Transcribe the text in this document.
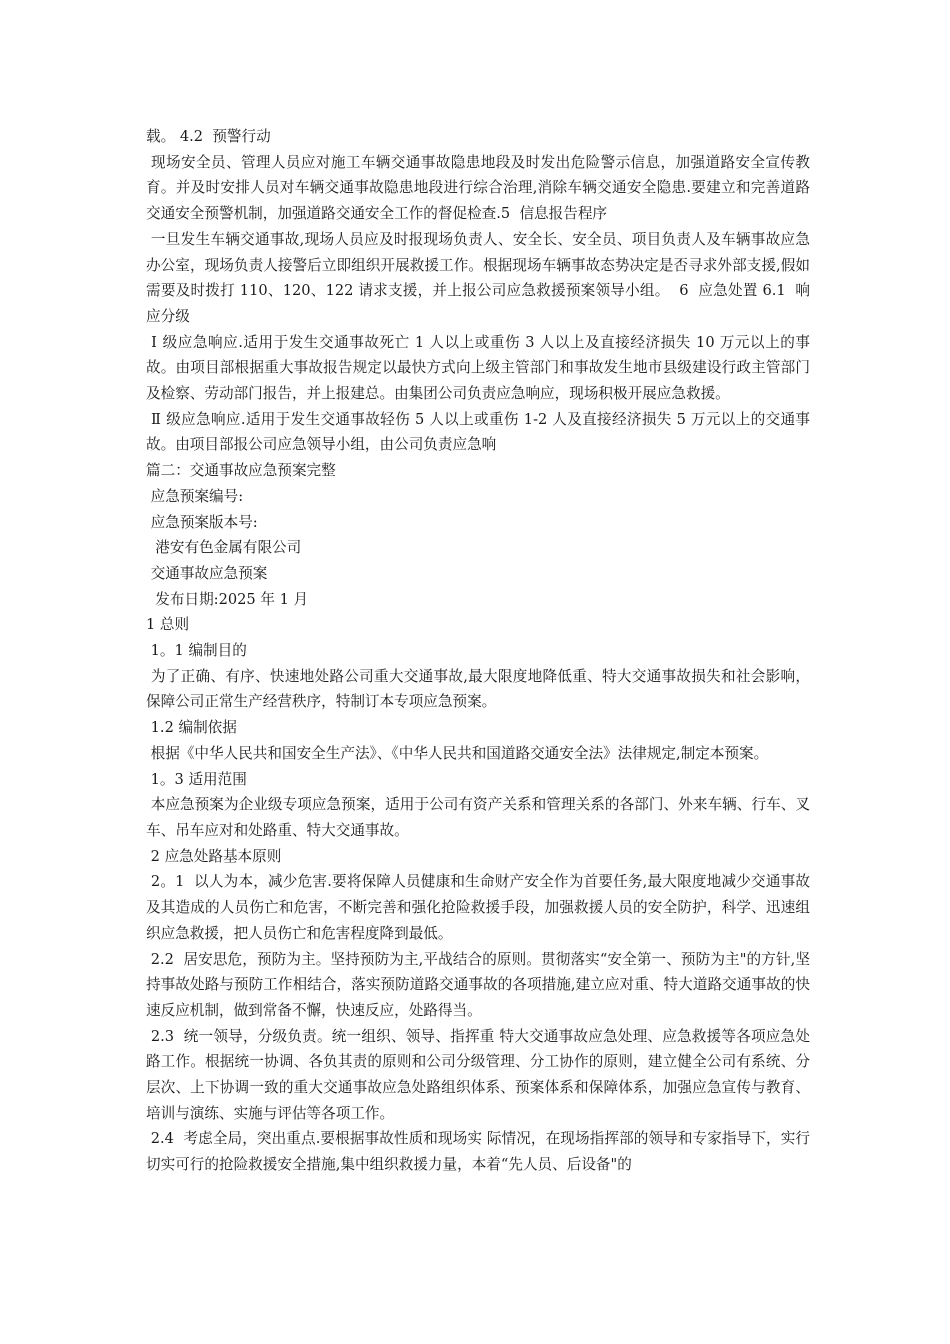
载。 4.2  预警行动

现场安全员、管理人员应对施工车辆交通事故隐患地段及时发出危险警示信息，加强道路安全宣传教育。并及时安排人员对车辆交通事故隐患地段进行综合治理,消除车辆交通安全隐患.要建立和完善道路交通安全预警机制，加强道路交通安全工作的督促检查.5  信息报告程序

一旦发生车辆交通事故,现场人员应及时报现场负责人、安全长、安全员、项目负责人及车辆事故应急办公室，现场负责人接警后立即组织开展救援工作。根据现场车辆事故态势决定是否寻求外部支援,假如需要及时拨打 110、120、122 请求支援，并上报公司应急救援预案领导小组。  6  应急处置 6.1  响应分级

Ⅰ 级应急响应.适用于发生交通事故死亡 1 人以上或重伤 3 人以上及直接经济损失 10 万元以上的事故。由项目部根据重大事故报告规定以最快方式向上级主管部门和事故发生地市县级建设行政主管部门及检察、劳动部门报告，并上报建总。由集团公司负责应急响应，现场积极开展应急救援。

Ⅱ 级应急响应.适用于发生交通事故轻伤 5 人以上或重伤 1-2 人及直接经济损失 5 万元以上的交通事故。由项目部报公司应急领导小组，由公司负责应急响

篇二：交通事故应急预案完整

应急预案编号:

应急预案版本号:

港安有色金属有限公司

交通事故应急预案

发布日期:2025 年 1 月

1 总则

1。1 编制目的

为了正确、有序、快速地处路公司重大交通事故,最大限度地降低重、特大交通事故损失和社会影响，保障公司正常生产经营秩序，特制订本专项应急预案。

1.2 编制依据

根据《中华人民共和国安全生产法》、《中华人民共和国道路交通安全法》法律规定,制定本预案。

1。3 适用范围

本应急预案为企业级专项应急预案，适用于公司有资产关系和管理关系的各部门、外来车辆、行车、叉车、吊车应对和处路重、特大交通事故。

2 应急处路基本原则

2。1  以人为本，减少危害.要将保障人员健康和生命财产安全作为首要任务,最大限度地减少交通事故及其造成的人员伤亡和危害，不断完善和强化抢险救援手段，加强救援人员的安全防护，科学、迅速组织应急救援，把人员伤亡和危害程度降到最低。

2.2  居安思危，预防为主。坚持预防为主,平战结合的原则。贯彻落实“安全第一、预防为主"的方针,坚持事故处路与预防工作相结合，落实预防道路交通事故的各项措施,建立应对重、特大道路交通事故的快速反应机制，做到常备不懈，快速反应，处路得当。

2.3  统一领导，分级负责。统一组织、领导、指挥重 特大交通事故应急处理、应急救援等各项应急处路工作。根据统一协调、各负其责的原则和公司分级管理、分工协作的原则，建立健全公司有系统、分层次、上下协调一致的重大交通事故应急处路组织体系、预案体系和保障体系，加强应急宣传与教育、培训与演练、实施与评估等各项工作。

2.4  考虑全局，突出重点.要根据事故性质和现场实 际情况，在现场指挥部的领导和专家指导下，实行切实可行的抢险救援安全措施,集中组织救援力量，本着“先人员、后设备"的
